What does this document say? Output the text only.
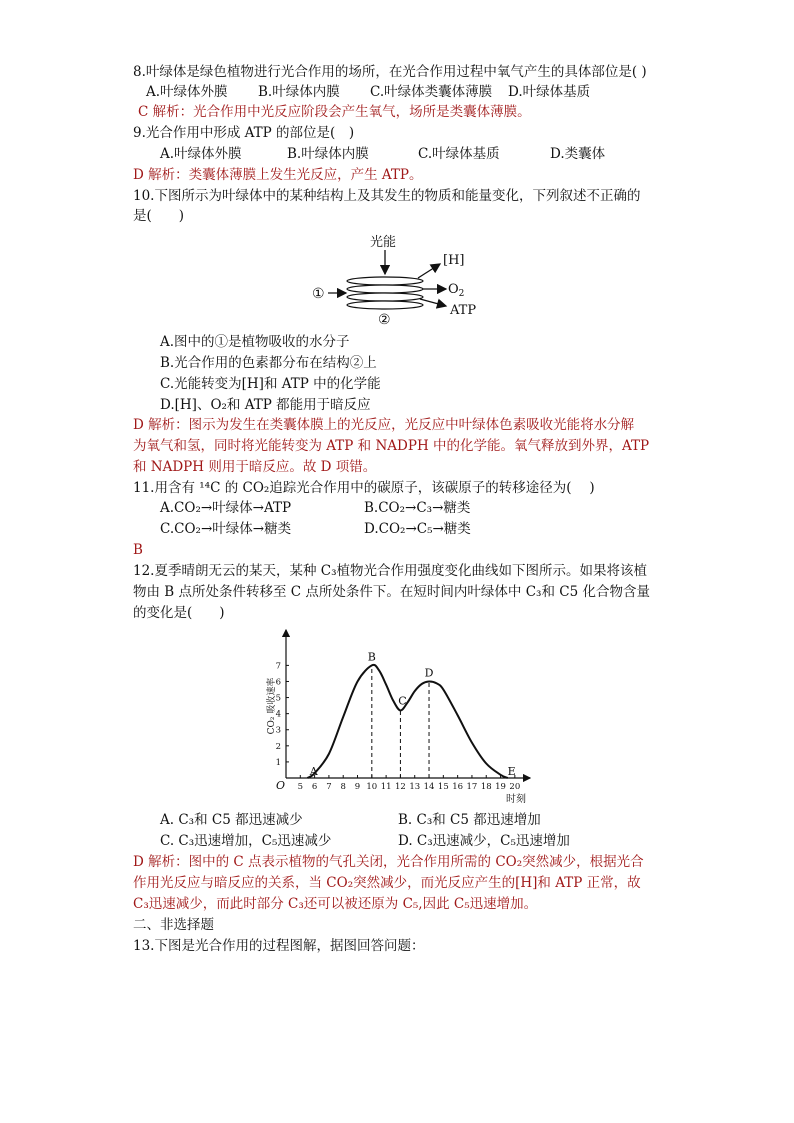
8.叶绿体是绿色植物进行光合作用的场所，在光合作用过程中氧气产生的具体部位是( )
A.叶绿体外膜 B.叶绿体内膜 C.叶绿体类囊体薄膜 D.叶绿体基质
C 解析：光合作用中光反应阶段会产生氧气，场所是类囊体薄膜。
9.光合作用中形成 ATP 的部位是(　)
A.叶绿体外膜	B.叶绿体内膜	C.叶绿体基质	D.类囊体
D 解析：类囊体薄膜上发生光反应，产生 ATP。
10.下图所示为叶绿体中的某种结构上及其发生的物质和能量变化，下列叙述不正确的
是(　　)
光能
①
[H]
$O_2$
ATP
②
A.图中的①是植物吸收的水分子
B.光合作用的色素都分布在结构②上
C.光能转变为[H]和 ATP 中的化学能
D.[H]、O₂和 ATP 都能用于暗反应
D 解析：图示为发生在类囊体膜上的光反应，光反应中叶绿体色素吸收光能将水分解
为氧气和氢，同时将光能转变为 ATP 和 NADPH 中的化学能。氧气释放到外界，ATP
和 NADPH 则用于暗反应。故 D 项错。
11.用含有 ¹⁴C 的 CO₂追踪光合作用中的碳原子，该碳原子的转移途径为(　 )
A.CO₂→叶绿体→ATP	B.CO₂→C₃→糖类
C.CO₂→叶绿体→糖类	D.CO₂→C₅→糖类
B
12.夏季晴朗无云的某天，某种 C₃植物光合作用强度变化曲线如下图所示。如果将该植
物由 B 点所处条件转移至 C 点所处条件下。在短时间内叶绿体中 C₃和 C5 化合物含量
的变化是(　　)
5 6 7 8 9 10 11 12 13 14 15 16 17 18 19 20
1
2
3
4
5
6
7
A
B
C
D
E
CO₂ 吸收速率
时刻
O
A. C₃和 C5 都迅速减少	B. C₃和 C5 都迅速增加
C. C₃迅速增加，C₅迅速减少	D. C₃迅速减少，C₅迅速增加
D 解析：图中的 C 点表示植物的气孔关闭，光合作用所需的 CO₂突然减少，根据光合
作用光反应与暗反应的关系，当 CO₂突然减少，而光反应产生的[H]和 ATP 正常，故
C₃迅速减少，而此时部分 C₃还可以被还原为 C₅,因此 C₅迅速增加。
二、非选择题
13.下图是光合作用的过程图解，据图回答问题：
